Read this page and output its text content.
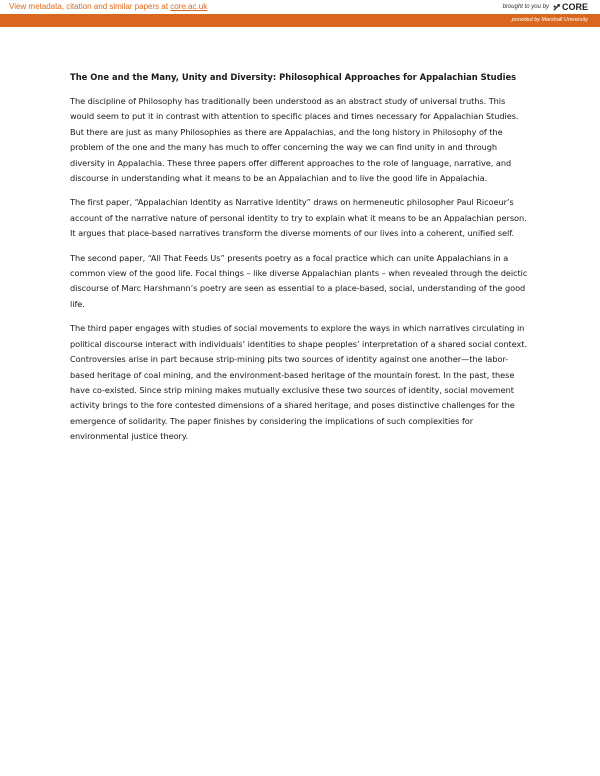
View metadata, citation and similar papers at core.ac.uk	brought to you by CORE
provided by Marshall University
The One and the Many, Unity and Diversity: Philosophical Approaches for Appalachian Studies

The discipline of Philosophy has traditionally been understood as an abstract study of universal truths. This would seem to put it in contrast with attention to specific places and times necessary for Appalachian Studies. But there are just as many Philosophies as there are Appalachias, and the long history in Philosophy of the problem of the one and the many has much to offer concerning the way we can find unity in and through diversity in Appalachia. These three papers offer different approaches to the role of language, narrative, and discourse in understanding what it means to be an Appalachian and to live the good life in Appalachia.

The first paper, “Appalachian Identity as Narrative Identity” draws on hermeneutic philosopher Paul Ricoeur’s account of the narrative nature of personal identity to try to explain what it means to be an Appalachian person. It argues that place-based narratives transform the diverse moments of our lives into a coherent, unified self.

The second paper, “All That Feeds Us” presents poetry as a focal practice which can unite Appalachians in a common view of the good life. Focal things – like diverse Appalachian plants – when revealed through the deictic discourse of Marc Harshmann’s poetry are seen as essential to a place-based, social, understanding of the good life.

The third paper engages with studies of social movements to explore the ways in which narratives circulating in political discourse interact with individuals’ identities to shape peoples’ interpretation of a shared social context. Controversies arise in part because strip-mining pits two sources of identity against one another—the labor-based heritage of coal mining, and the environment-based heritage of the mountain forest. In the past, these have co-existed. Since strip mining makes mutually exclusive these two sources of identity, social movement activity brings to the fore contested dimensions of a shared heritage, and poses distinctive challenges for the emergence of solidarity. The paper finishes by considering the implications of such complexities for environmental justice theory.
